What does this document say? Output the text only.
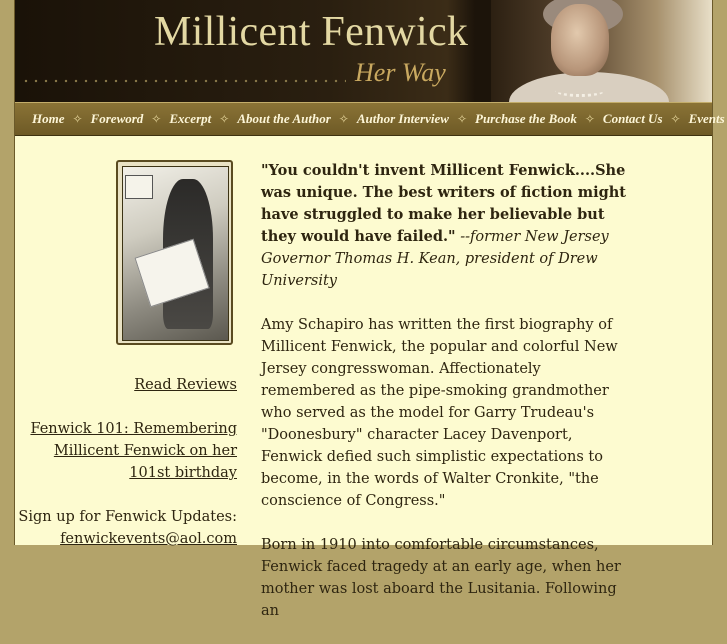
Millicent Fenwick
Her Way
Home ✧ Foreword ✧ Excerpt ✧ About the Author ✧ Author Interview ✧ Purchase the Book ✧ Contact Us ✧ Events
Read Reviews
Fenwick 101: Remembering Millicent Fenwick on her 101st birthday
Sign up for Fenwick Updates:
fenwickevents@aol.com

"You couldn't invent Millicent Fenwick....She was unique. The best writers of fiction might have struggled to make her believable but they would have failed." --former New Jersey Governor Thomas H. Kean, president of Drew University

Amy Schapiro has written the first biography of Millicent Fenwick, the popular and colorful New Jersey congresswoman. Affectionately remembered as the pipe-smoking grandmother who served as the model for Garry Trudeau's "Doonesbury" character Lacey Davenport, Fenwick defied such simplistic expectations to become, in the words of Walter Cronkite, "the conscience of Congress."

Born in 1910 into comfortable circumstances, Fenwick faced tragedy at an early age, when her mother was lost aboard the Lusitania. Following an
